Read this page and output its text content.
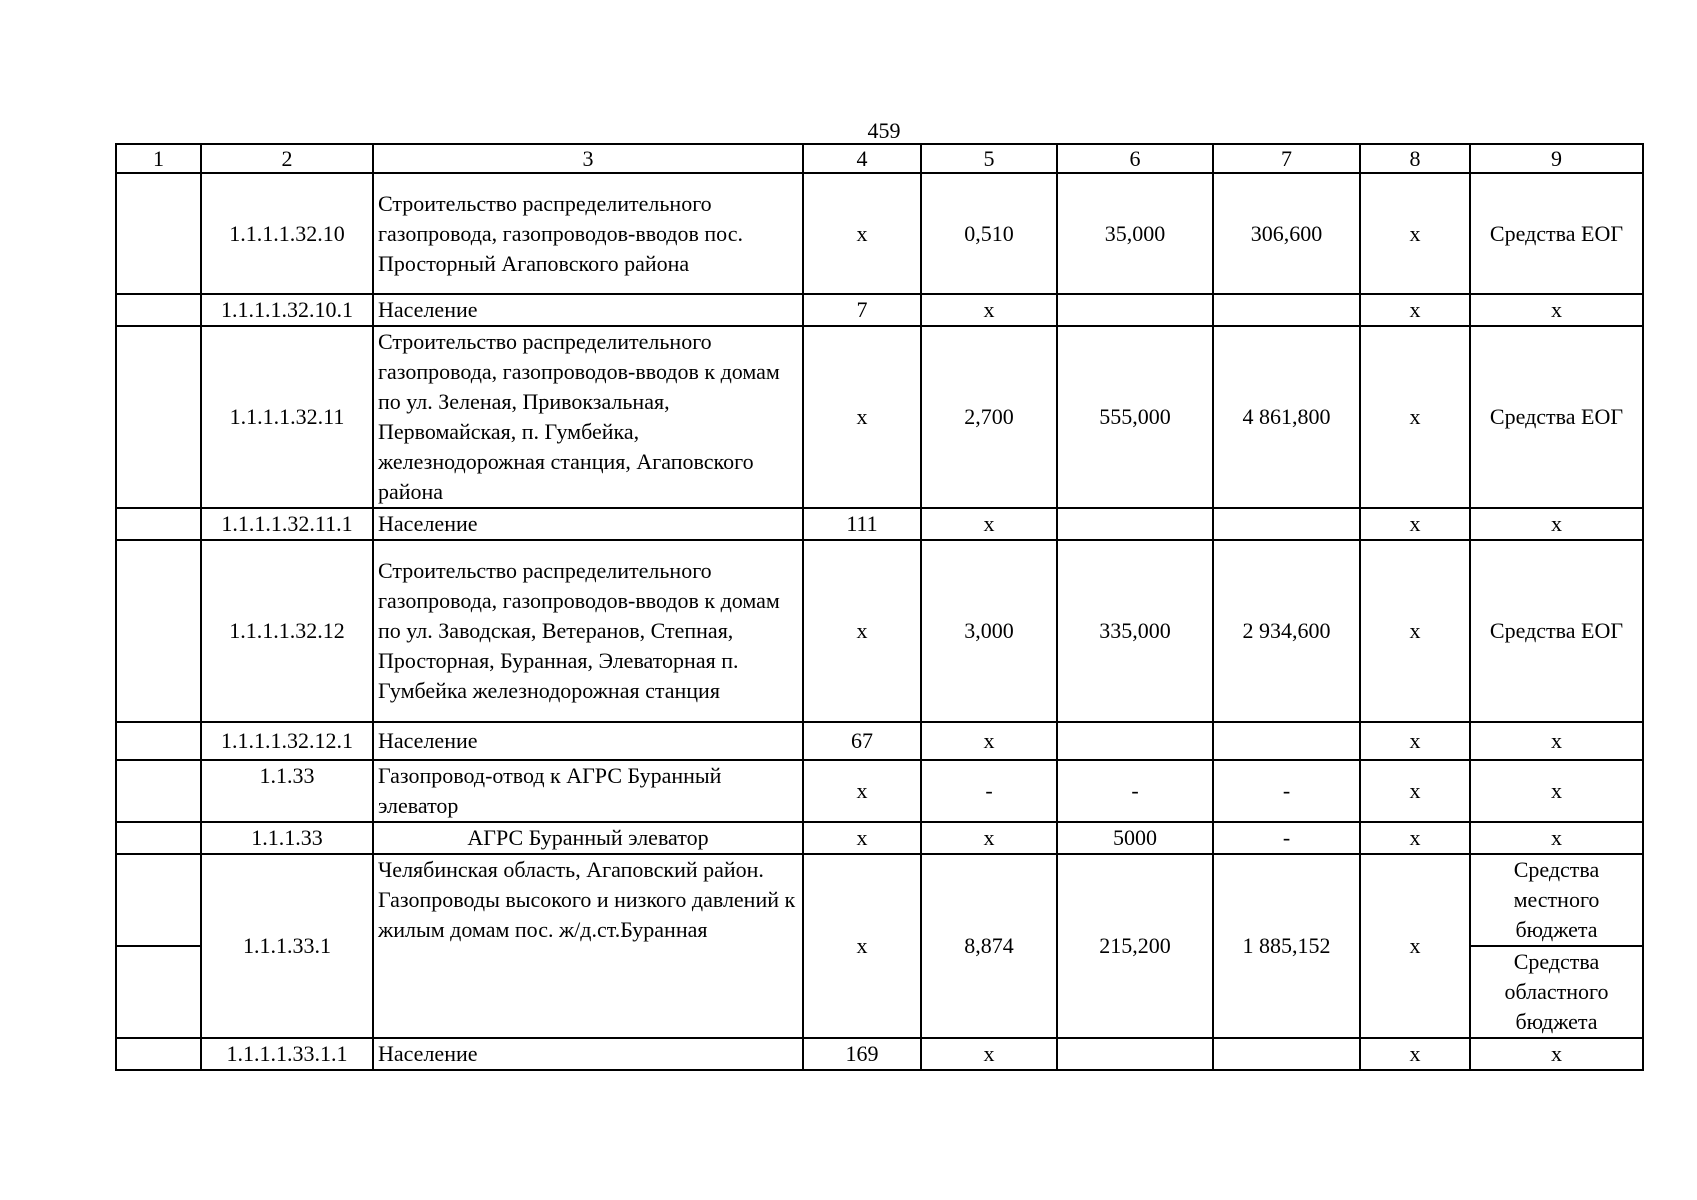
459
1	2	3	4	5	6	7	8	9
	1.1.1.1.32.10	Строительство распределительного газопровода, газопроводов-вводов пос. Просторный Агаповского района	х	0,510	35,000	306,600	х	Средства ЕОГ
	1.1.1.1.32.10.1	Население	7	х			х	х
	1.1.1.1.32.11	Строительство распределительного газопровода, газопроводов-вводов к домам по ул. Зеленая, Привокзальная, Первомайская, п. Гумбейка, железнодорожная станция, Агаповского района	х	2,700	555,000	4 861,800	х	Средства ЕОГ
	1.1.1.1.32.11.1	Население	111	х			х	х
	1.1.1.1.32.12	Строительство распределительного газопровода, газопроводов-вводов к домам по ул. Заводская, Ветеранов, Степная, Просторная, Буранная, Элеваторная п. Гумбейка железнодорожная станция	х	3,000	335,000	2 934,600	х	Средства ЕОГ
	1.1.1.1.32.12.1	Население	67	х			х	х
	1.1.33	Газопровод-отвод к АГРС Буранный элеватор	х	-	-	-	х	х
	1.1.1.33	АГРС Буранный элеватор	х	х	5000	-	х	х
	1.1.1.33.1	Челябинская область, Агаповский район. Газопроводы высокого и низкого давлений к жилым домам пос. ж/д.ст.Буранная	х	8,874	215,200	1 885,152	х	Средства местного бюджета
								Средства областного бюджета
	1.1.1.1.33.1.1	Население	169	х			х	х
